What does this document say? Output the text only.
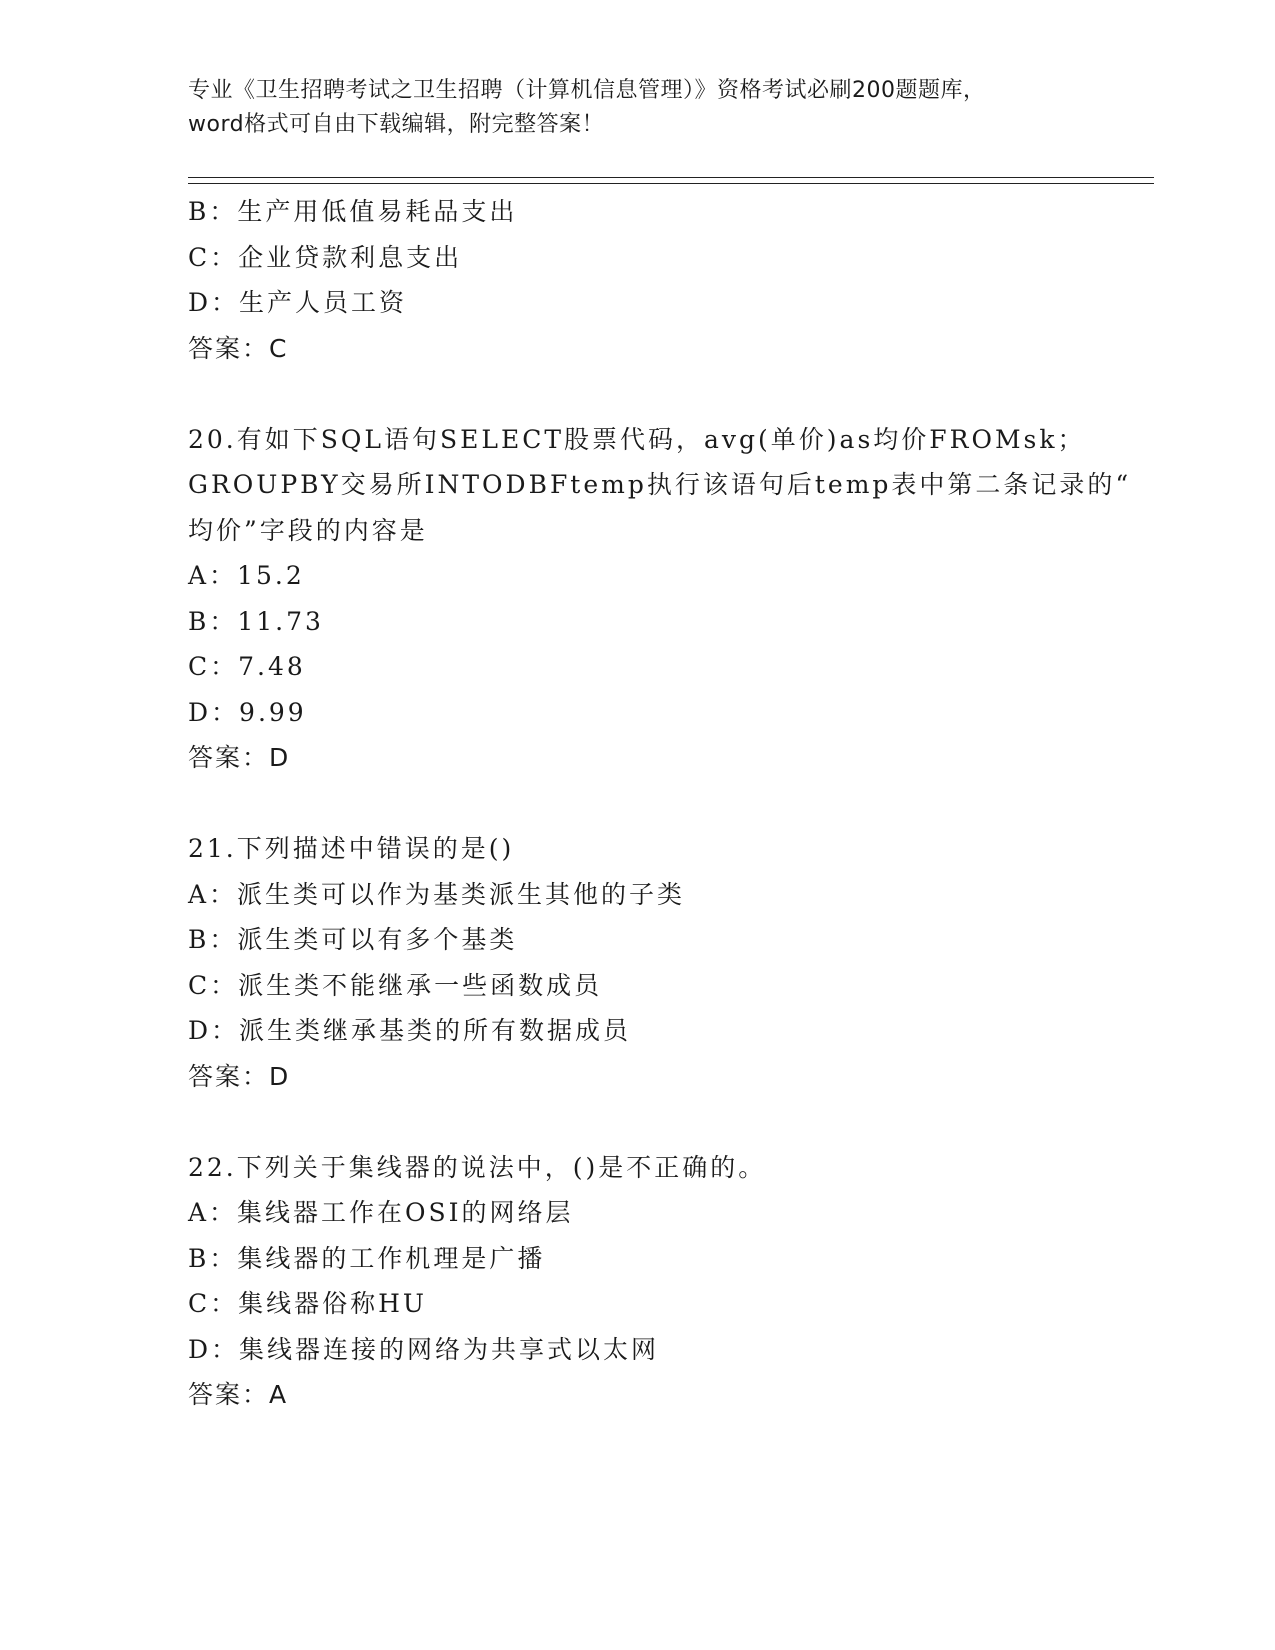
专业《卫生招聘考试之卫生招聘（计算机信息管理）》资格考试必刷200题题库，
word格式可自由下载编辑，附完整答案！
B：生产用低值易耗品支出
C：企业贷款利息支出
D：生产人员工资
答案：C
20.有如下SQL语句SELECT股票代码，avg(单价)as均价FROMsk；
GROUPBY交易所INTODBFtemp执行该语句后temp表中第二条记录的“
均价”字段的内容是
A：15.2
B：11.73
C：7.48
D：9.99
答案：D
21.下列描述中错误的是()
A：派生类可以作为基类派生其他的子类
B：派生类可以有多个基类
C：派生类不能继承一些函数成员
D：派生类继承基类的所有数据成员
答案：D
22.下列关于集线器的说法中，()是不正确的。
A：集线器工作在OSI的网络层
B：集线器的工作机理是广播
C：集线器俗称HU
D：集线器连接的网络为共享式以太网
答案：A
